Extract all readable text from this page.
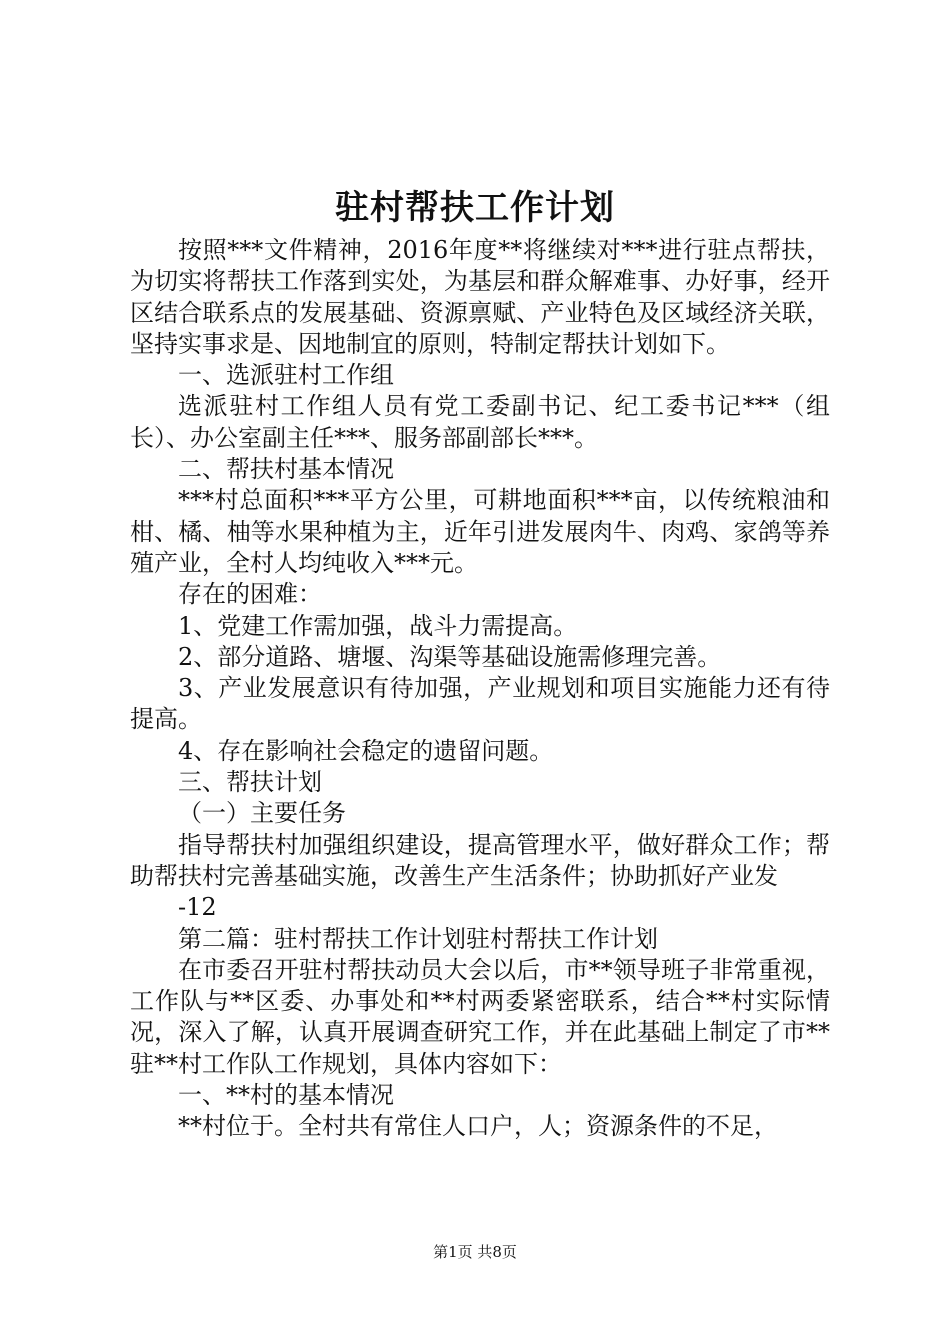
驻村帮扶工作计划

按照***文件精神，2016年度**将继续对***进行驻点帮扶，为切实将帮扶工作落到实处，为基层和群众解难事、办好事，经开区结合联系点的发展基础、资源禀赋、产业特色及区域经济关联，坚持实事求是、因地制宜的原则，特制定帮扶计划如下。

一、选派驻村工作组

选派驻村工作组人员有党工委副书记、纪工委书记***（组长）、办公室副主任***、服务部副部长***。

二、帮扶村基本情况

***村总面积***平方公里，可耕地面积***亩，以传统粮油和柑、橘、柚等水果种植为主，近年引进发展肉牛、肉鸡、家鸽等养殖产业，全村人均纯收入***元。

存在的困难：

1、党建工作需加强，战斗力需提高。

2、部分道路、塘堰、沟渠等基础设施需修理完善。

3、产业发展意识有待加强，产业规划和项目实施能力还有待提高。

4、存在影响社会稳定的遗留问题。

三、帮扶计划

（一）主要任务

指导帮扶村加强组织建设，提高管理水平，做好群众工作；帮助帮扶村完善基础实施，改善生产生活条件；协助抓好产业发

-12

第二篇：驻村帮扶工作计划驻村帮扶工作计划

在市委召开驻村帮扶动员大会以后，市**领导班子非常重视，工作队与**区委、办事处和**村两委紧密联系，结合**村实际情况，深入了解，认真开展调查研究工作，并在此基础上制定了市**驻**村工作队工作规划，具体内容如下：

一、**村的基本情况

**村位于。全村共有常住人口户，人；资源条件的不足，

第1页 共8页
